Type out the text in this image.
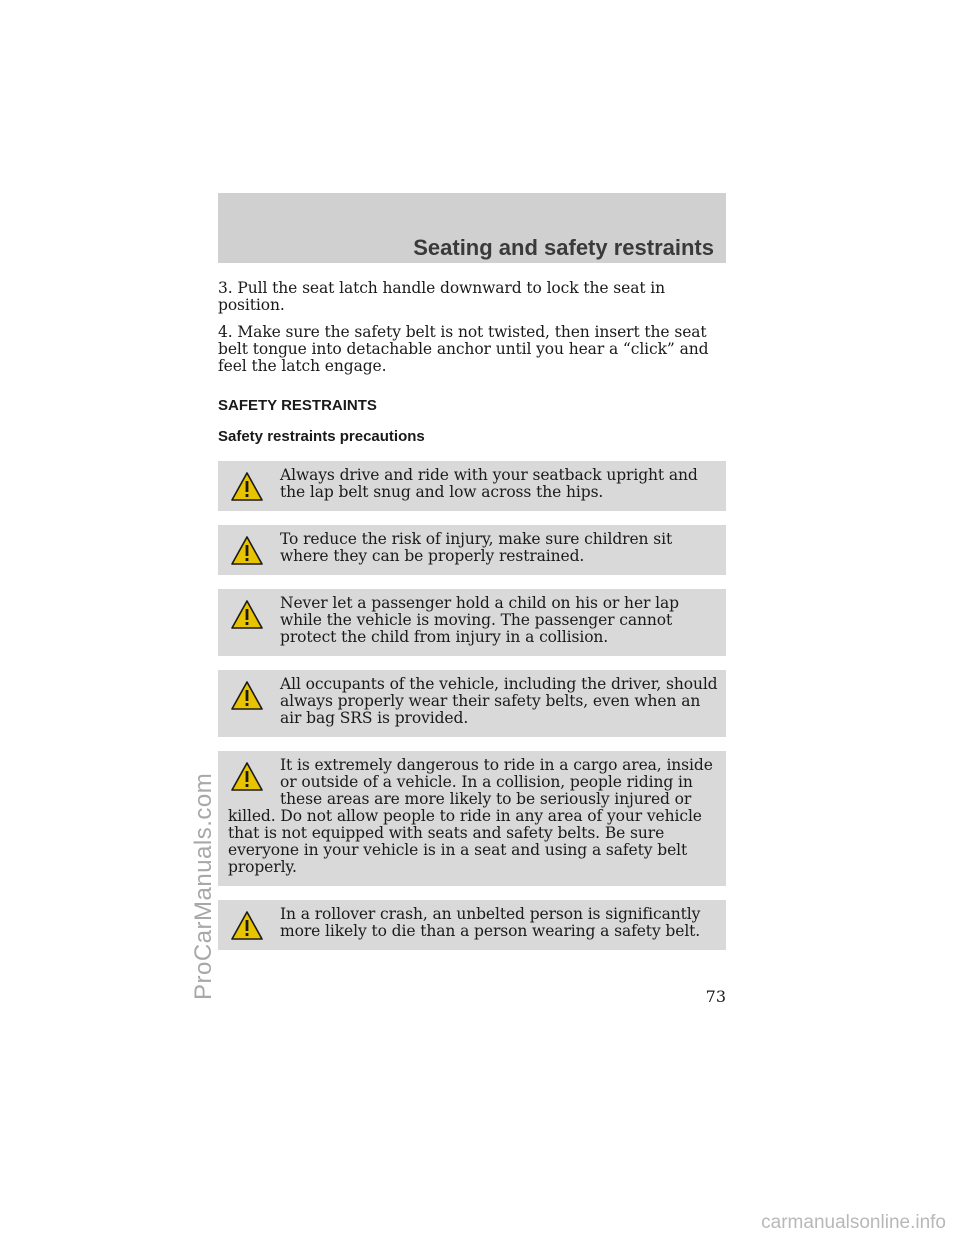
Seating and safety restraints

3. Pull the seat latch handle downward to lock the seat in position.

4. Make sure the safety belt is not twisted, then insert the seat belt tongue into detachable anchor until you hear a “click” and feel the latch engage.

SAFETY RESTRAINTS
Safety restraints precautions
Always drive and ride with your seatback upright and the lap belt snug and low across the hips.
To reduce the risk of injury, make sure children sit where they can be properly restrained.
Never let a passenger hold a child on his or her lap while the vehicle is moving. The passenger cannot protect the child from injury in a collision.
All occupants of the vehicle, including the driver, should always properly wear their safety belts, even when an air bag SRS is provided.
It is extremely dangerous to ride in a cargo area, inside or outside of a vehicle. In a collision, people riding in these areas are more likely to be seriously injured or killed. Do not allow people to ride in any area of your vehicle that is not equipped with seats and safety belts. Be sure everyone in your vehicle is in a seat and using a safety belt properly.
In a rollover crash, an unbelted person is significantly more likely to die than a person wearing a safety belt.
73
ProCarManuals.com
carmanualsonline.info
